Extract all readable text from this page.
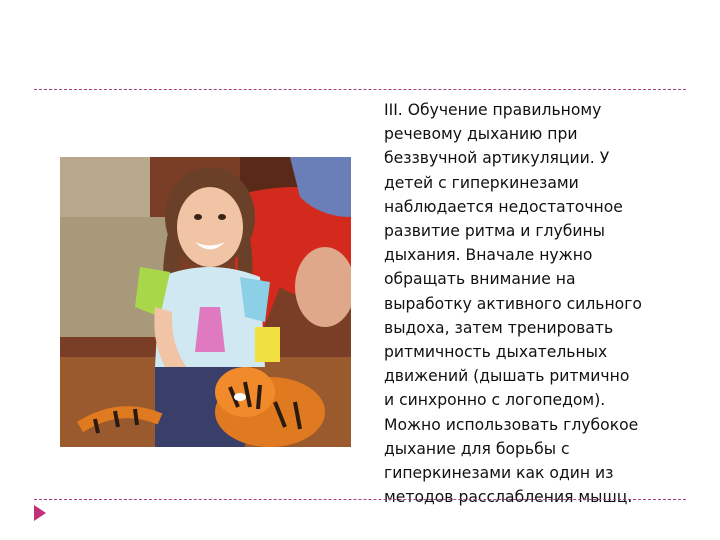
III. Обучение правильному
речевому дыханию при
беззвучной артикуляции. У
детей с гиперкинезами
наблюдается недостаточное
развитие ритма и глубины
дыхания. Вначале нужно
обращать внимание на
выработку активного сильного
выдоха, затем тренировать
ритмичность дыхательных
движений (дышать ритмично
и синхронно с логопедом).
Можно использовать глубокое
дыхание для борьбы с
гиперкинезами как один из
методов расслабления мышц.
